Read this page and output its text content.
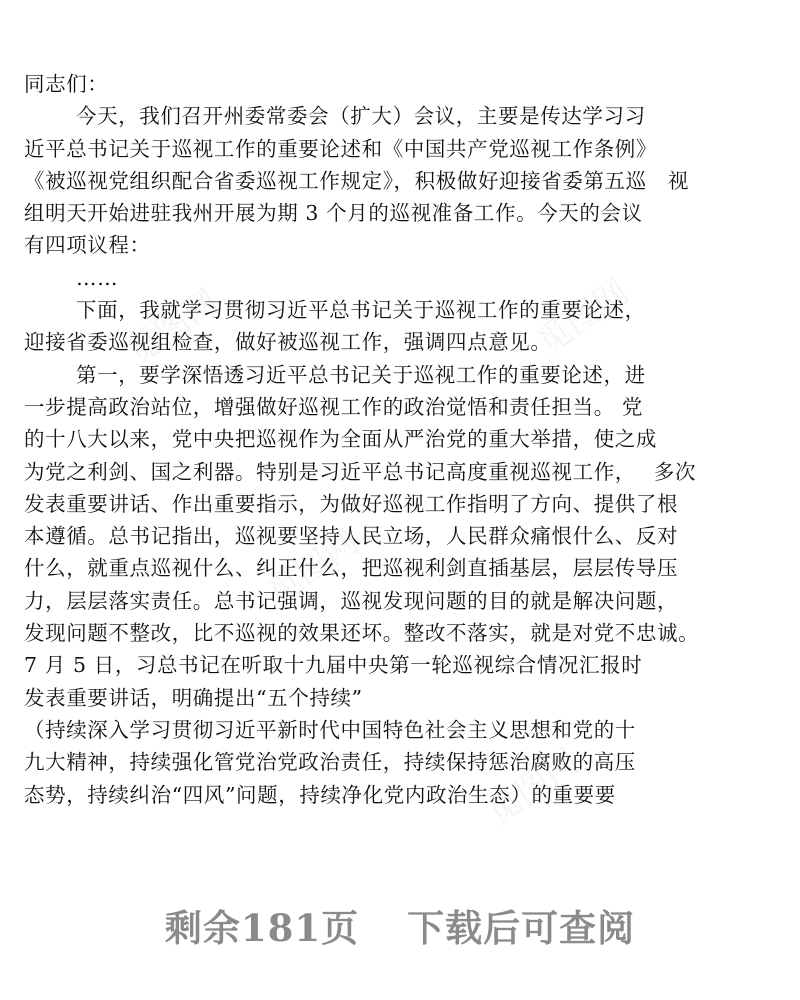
觅图网	觅图网
觅图网
觅图网
同志们：
今天，我们召开州委常委会（扩大）会议，主要是传达学习习
近平总书记关于巡视工作的重要论述和《中国共产党巡视工作条例》
《被巡视党组织配合省委巡视工作规定》，积极做好迎接省委第五巡　视
组明天开始进驻我州开展为期 3 个月的巡视准备工作。今天的会议
有四项议程：
……
下面，我就学习贯彻习近平总书记关于巡视工作的重要论述，
迎接省委巡视组检查，做好被巡视工作，强调四点意见。
第一，要学深悟透习近平总书记关于巡视工作的重要论述，进
一步提高政治站位，增强做好巡视工作的政治觉悟和责任担当。 党
的十八大以来，党中央把巡视作为全面从严治党的重大举措，使之成
为党之利剑、国之利器。特别是习近平总书记高度重视巡视工作，　 多次
发表重要讲话、作出重要指示，为做好巡视工作指明了方向、提供了根
本遵循。总书记指出，巡视要坚持人民立场，人民群众痛恨什么、反对
什么，就重点巡视什么、纠正什么，把巡视利剑直插基层，层层传导压
力，层层落实责任。总书记强调，巡视发现问题的目的就是解决问题，
发现问题不整改，比不巡视的效果还坏。整改不落实，就是对党不忠诚。
7 月 5 日，习总书记在听取十九届中央第一轮巡视综合情况汇报时
发表重要讲话，明确提出“五个持续”
（持续深入学习贯彻习近平新时代中国特色社会主义思想和党的十
九大精神，持续强化管党治党政治责任，持续保持惩治腐败的高压
态势，持续纠治“四风”问题，持续净化党内政治生态）的重要要
剩余181页 下载后可查阅
